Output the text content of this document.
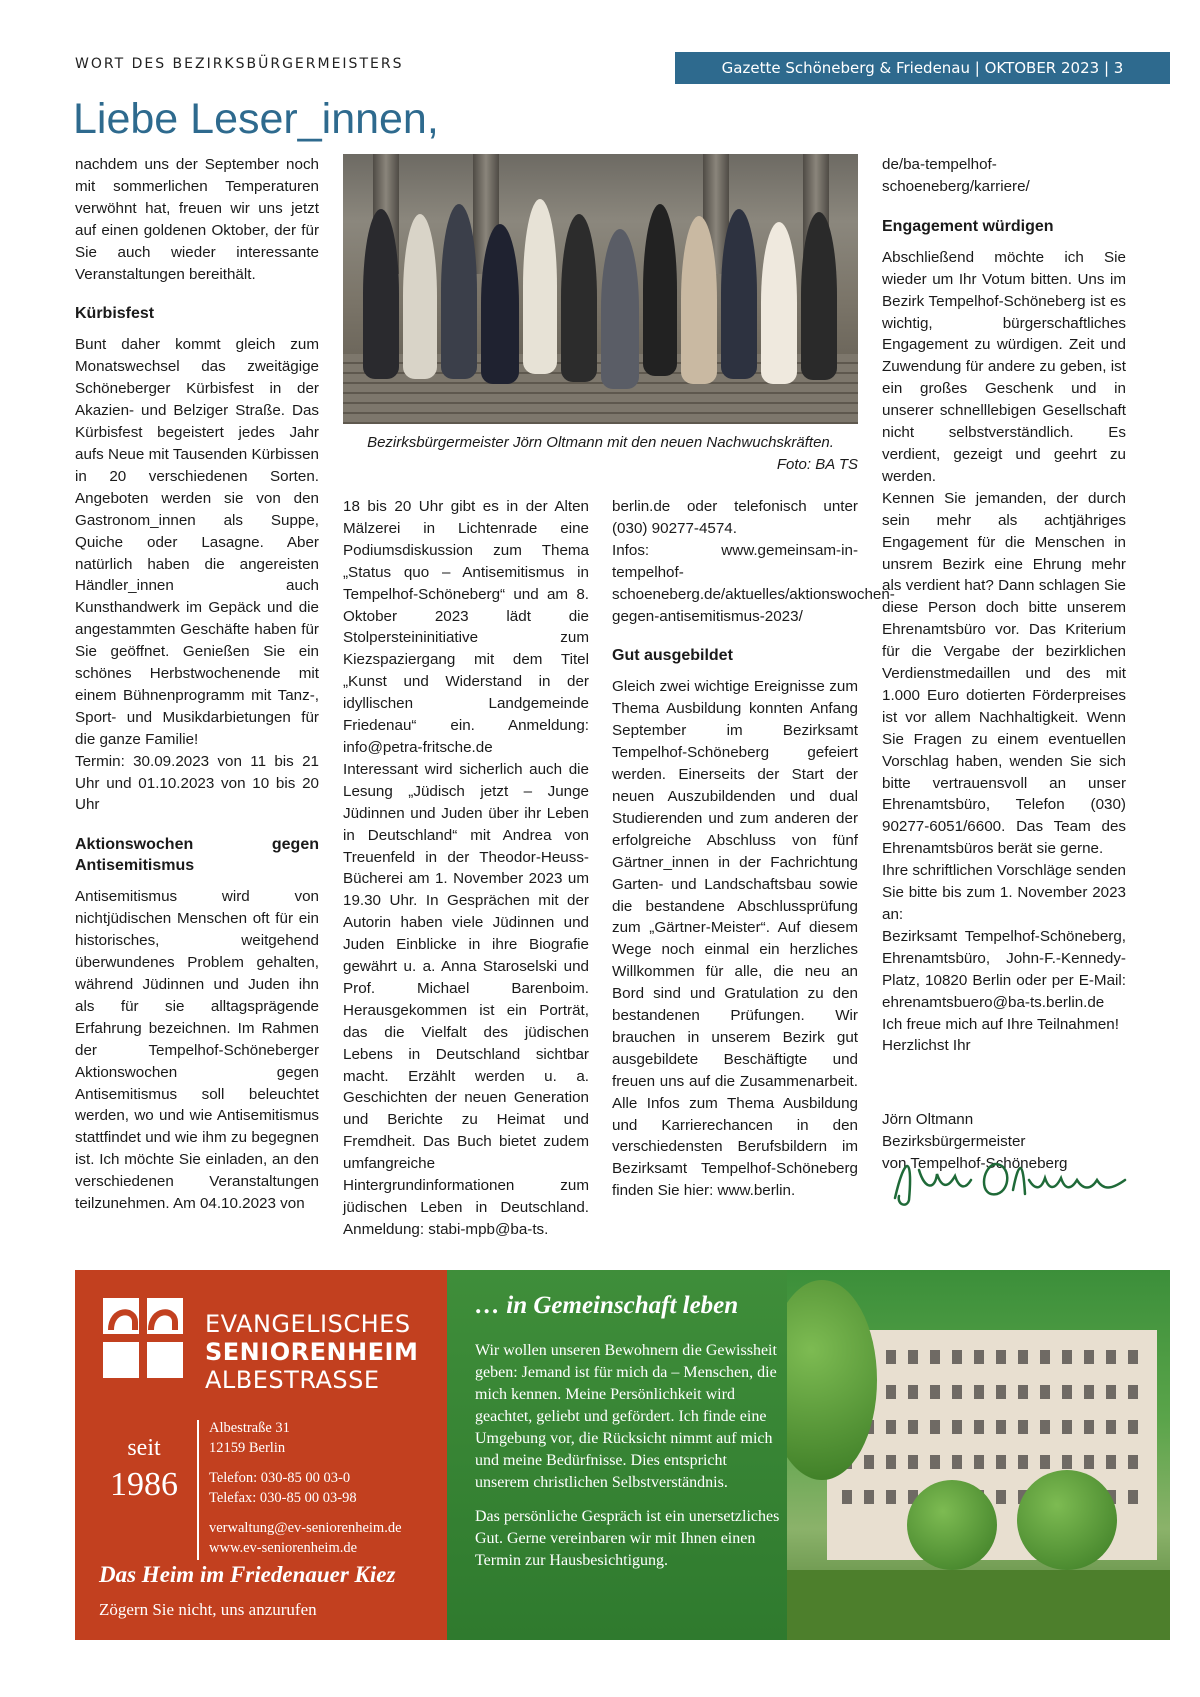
WORT DES BEZIRKSBÜRGERMEISTERS	Gazette Schöneberg & Friedenau | OKTOBER 2023 | 3
Liebe Leser_innen,

nachdem uns der September noch mit sommerlichen Temperaturen verwöhnt hat, freuen wir uns jetzt auf einen goldenen Oktober, der für Sie auch wieder interessante Veranstaltungen bereithält.

Kürbisfest

Bunt daher kommt gleich zum Monatswechsel das zweitägige Schöneberger Kürbisfest in der Akazien- und Belziger Straße. Das Kürbisfest begeistert jedes Jahr aufs Neue mit Tausenden Kürbissen in 20 verschiedenen Sorten. Angeboten werden sie von den Gastronom_innen als Suppe, Quiche oder Lasagne. Aber natürlich haben die angereisten Händler_innen auch Kunsthandwerk im Gepäck und die angestammten Geschäfte haben für Sie geöffnet. Genießen Sie ein schönes Herbstwochenende mit einem Bühnenprogramm mit Tanz-, Sport- und Musikdarbietungen für die ganze Familie!

Termin: 30.09.2023 von 11 bis 21 Uhr und 01.10.2023 von 10 bis 20 Uhr

Aktionswochen gegen Antisemitismus

Antisemitismus wird von nichtjüdischen Menschen oft für ein historisches, weitgehend überwundenes Problem gehalten, während Jüdinnen und Juden ihn als für sie alltagsprägende Erfahrung bezeichnen. Im Rahmen der Tempelhof-Schöneberger Aktionswochen gegen Antisemitismus soll beleuchtet werden, wo und wie Antisemitismus stattfindet und wie ihm zu begegnen ist. Ich möchte Sie einladen, an den verschiedenen Veranstaltungen teilzunehmen. Am 04.10.2023 von

Bezirksbürgermeister Jörn Oltmann mit den neuen Nachwuchskräften.
Foto: BA TS

18 bis 20 Uhr gibt es in der Alten Mälzerei in Lichtenrade eine Podiumsdiskussion zum Thema „Status quo – Antisemitismus in Tempelhof-Schöneberg“ und am 8. Oktober 2023 lädt die Stolpersteininitiative zum Kiezspaziergang mit dem Titel „Kunst und Widerstand in der idyllischen Landgemeinde Friedenau“ ein. Anmeldung: info@petra-fritsche.de

Interessant wird sicherlich auch die Lesung „Jüdisch jetzt – Junge Jüdinnen und Juden über ihr Leben in Deutschland“ mit Andrea von Treuenfeld in der Theodor-Heuss-Bücherei am 1. November 2023 um 19.30 Uhr. In Gesprächen mit der Autorin haben viele Jüdinnen und Juden Einblicke in ihre Biografie gewährt u. a. Anna Staroselski und Prof. Michael Barenboim. Herausgekommen ist ein Porträt, das die Vielfalt des jüdischen Lebens in Deutschland sichtbar macht. Erzählt werden u. a. Geschichten der neuen Generation und Berichte zu Heimat und Fremdheit. Das Buch bietet zudem umfangreiche Hintergrundinformationen zum jüdischen Leben in Deutschland. Anmeldung: stabi-mpb@ba-ts.

berlin.de oder telefonisch unter (030) 90277-4574.

Infos: www.gemeinsam-in-tempelhof-schoeneberg.de/aktuelles/aktionswochen-gegen-antisemitismus-2023/

Gut ausgebildet

Gleich zwei wichtige Ereignisse zum Thema Ausbildung konnten Anfang September im Bezirksamt Tempelhof-Schöneberg gefeiert werden. Einerseits der Start der neuen Auszubildenden und dual Studierenden und zum anderen der erfolgreiche Abschluss von fünf Gärtner_innen in der Fachrichtung Garten- und Landschaftsbau sowie die bestandene Abschlussprüfung zum „Gärtner-Meister“. Auf diesem Wege noch einmal ein herzliches Willkommen für alle, die neu an Bord sind und Gratulation zu den bestandenen Prüfungen. Wir brauchen in unserem Bezirk gut ausgebildete Beschäftigte und freuen uns auf die Zusammenarbeit. Alle Infos zum Thema Ausbildung und Karrierechancen in den verschiedensten Berufsbildern im Bezirksamt Tempelhof-Schöneberg finden Sie hier: www.berlin.

de/ba-tempelhof-schoeneberg/karriere/

Engagement würdigen

Abschließend möchte ich Sie wieder um Ihr Votum bitten. Uns im Bezirk Tempelhof-Schöneberg ist es wichtig, bürgerschaftliches Engagement zu würdigen. Zeit und Zuwendung für andere zu geben, ist ein großes Geschenk und in unserer schnelllebigen Gesellschaft nicht selbstverständlich. Es verdient, gezeigt und geehrt zu werden.

Kennen Sie jemanden, der durch sein mehr als achtjähriges Engagement für die Menschen in unsrem Bezirk eine Ehrung mehr als verdient hat? Dann schlagen Sie diese Person doch bitte unserem Ehrenamtsbüro vor. Das Kriterium für die Vergabe der bezirklichen Verdienstmedaillen und des mit 1.000 Euro dotierten Förderpreises ist vor allem Nachhaltigkeit. Wenn Sie Fragen zu einem eventuellen Vorschlag haben, wenden Sie sich bitte vertrauensvoll an unser Ehrenamtsbüro, Telefon (030) 90277-6051/6600. Das Team des Ehrenamtsbüros berät sie gerne.

Ihre schriftlichen Vorschläge senden Sie bitte bis zum 1. November 2023 an:

Bezirksamt Tempelhof-Schöneberg, Ehrenamtsbüro, John-F.-Kennedy-Platz, 10820 Berlin oder per E-Mail: ehrenamtsbuero@ba-ts.berlin.de

Ich freue mich auf Ihre Teilnahmen!

Herzlichst Ihr

Jörn Oltmann

Bezirksbürgermeister

von Tempelhof-Schöneberg

EVANGELISCHES
SENIORENHEIM
ALBESTRASSE
seit
1986

Albestraße 31

12159 Berlin

Telefon: 030-85 00 03-0

Telefax: 030-85 00 03-98

verwaltung@ev-seniorenheim.de

www.ev-seniorenheim.de

Das Heim im Friedenauer Kiez
Zögern Sie nicht, uns anzurufen
… in Gemeinschaft leben

Wir wollen unseren Bewohnern die Gewissheit geben: Jemand ist für mich da – Menschen, die mich kennen. Meine Persönlichkeit wird geachtet, geliebt und gefördert. Ich finde eine Umgebung vor, die Rücksicht nimmt auf mich und meine Bedürfnisse. Dies entspricht unserem christlichen Selbstverständnis.

Das persönliche Gespräch ist ein unersetzliches Gut. Gerne vereinbaren wir mit Ihnen einen Termin zur Hausbesichtigung.
